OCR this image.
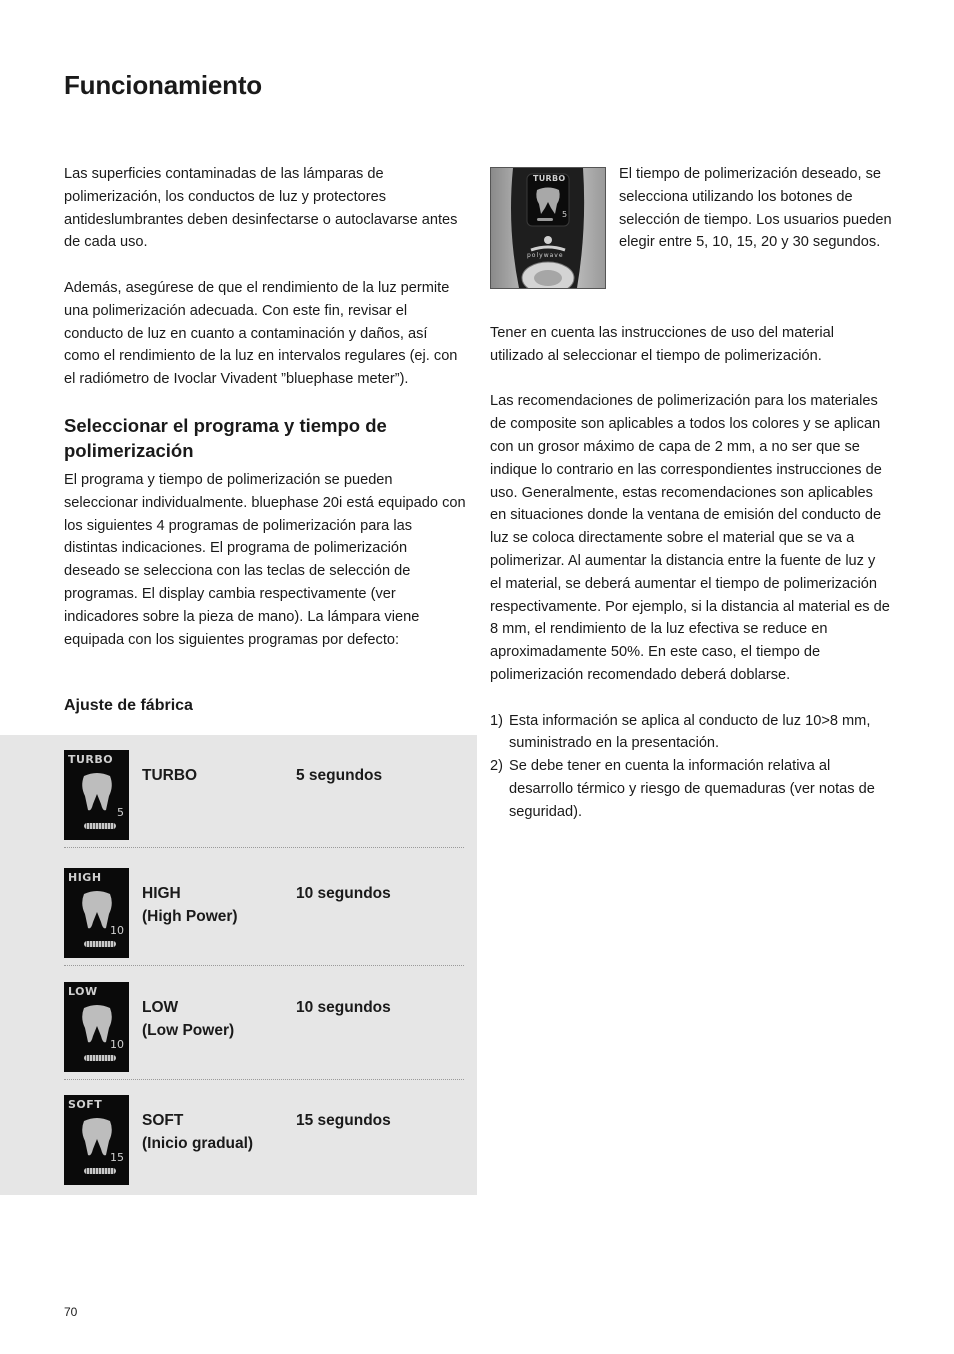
Funcionamiento

Las superficies contaminadas de las lámparas de polimerización, los conductos de luz y protectores antideslumbrantes deben desinfectarse o autoclavarse antes de cada uso.

Además, asegúrese de que el rendimiento de la luz permite una polimerización adecuada. Con este fin, revisar el conducto de luz en cuanto a contaminación y daños, así como el rendimiento de la luz en intervalos regulares (ej. con el radiómetro de Ivoclar Vivadent ”bluephase meter”).

Seleccionar el programa y tiempo de polimerización

El programa y tiempo de polimerización se pueden seleccionar individualmente. bluephase 20i está equipado con los siguientes 4 programas de polimerización para las distintas indicaciones. El programa de polimerización deseado se selecciona con las teclas de selección de programas. El display cambia respectivamente (ver indicadores sobre la pieza de mano). La lámpara viene equipada con los siguientes programas por defecto:

Ajuste de fábrica
TURBO
5
TURBO	5 segundos
HIGH
10
HIGH
(High Power)
10 segundos
LOW
10
LOW
(Low Power)
10 segundos
SOFT
15
SOFT
(Inicio gradual)
15 segundos
TURBO
5
polywave

El tiempo de polimerización deseado, se selecciona utilizando los botones de selección de tiempo. Los usuarios pueden elegir entre 5, 10, 15, 20 y 30 segundos.

Tener en cuenta las instrucciones de uso del material utilizado al seleccionar el tiempo de polimerización.

Las recomendaciones de polimerización para los materiales de composite son aplicables a todos los colores y se aplican con un grosor máximo de capa de 2 mm, a no ser que se indique lo contrario en las correspondientes instrucciones de uso. Generalmente, estas recomendaciones son aplicables en situaciones donde la ventana de emisión del conducto de luz se coloca directamente sobre el material que se va a polimerizar. Al aumentar la distancia entre la fuente de luz y el material, se deberá aumentar el tiempo de polimerización respectivamente. Por ejemplo, si la distancia al material es de 8 mm, el rendimiento de la luz efectiva se reduce en aproximadamente 50%. En este caso, el tiempo de polimerización recomendado deberá doblarse.

1) Esta información se aplica al conducto de luz 10>8 mm, suministrado en la presentación.
2) Se debe tener en cuenta la información relativa al desarrollo térmico y riesgo de quemaduras (ver notas de seguridad).
70
